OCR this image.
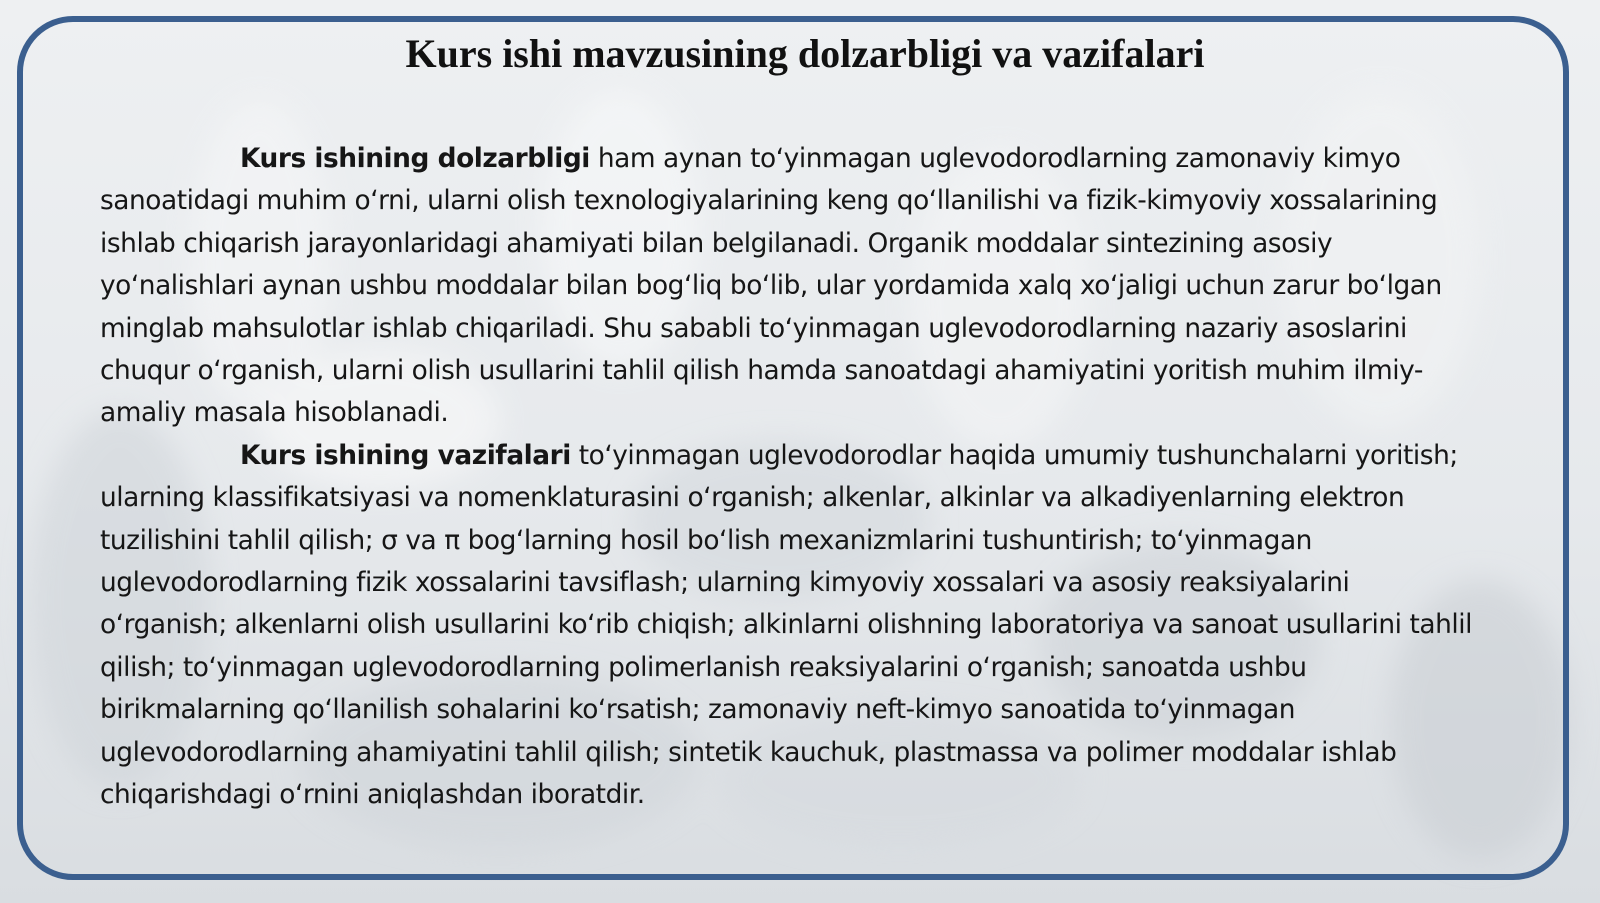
Kurs ishi mavzusining dolzarbligi va vazifalari

Kurs ishining dolzarbligi ham aynan toʻyinmagan uglevodorodlarning zamonaviy kimyo sanoatidagi muhim oʻrni, ularni olish texnologiyalarining keng qoʻllanilishi va fizik-kimyoviy xossalarining ishlab chiqarish jarayonlaridagi ahamiyati bilan belgilanadi. Organik moddalar sintezining asosiy yoʻnalishlari aynan ushbu moddalar bilan bogʻliq boʻlib, ular yordamida xalq xoʻjaligi uchun zarur boʻlgan minglab mahsulotlar ishlab chiqariladi. Shu sababli toʻyinmagan uglevodorodlarning nazariy asoslarini chuqur oʻrganish, ularni olish usullarini tahlil qilish hamda sanoatdagi ahamiyatini yoritish muhim ilmiy-amaliy masala hisoblanadi.

Kurs ishining vazifalari toʻyinmagan uglevodorodlar haqida umumiy tushunchalarni yoritish; ularning klassifikatsiyasi va nomenklaturasini oʻrganish; alkenlar, alkinlar va alkadiyenlarning elektron tuzilishini tahlil qilish; σ va π bogʻlarning hosil boʻlish mexanizmlarini tushuntirish; toʻyinmagan uglevodorodlarning fizik xossalarini tavsiflash; ularning kimyoviy xossalari va asosiy reaksiyalarini oʻrganish; alkenlarni olish usullarini koʻrib chiqish; alkinlarni olishning laboratoriya va sanoat usullarini tahlil qilish; toʻyinmagan uglevodorodlarning polimerlanish reaksiyalarini oʻrganish; sanoatda ushbu birikmalarning qoʻllanilish sohalarini koʻrsatish; zamonaviy neft-kimyo sanoatida toʻyinmagan uglevodorodlarning ahamiyatini tahlil qilish; sintetik kauchuk, plastmassa va polimer moddalar ishlab chiqarishdagi oʻrnini aniqlashdan iboratdir.
